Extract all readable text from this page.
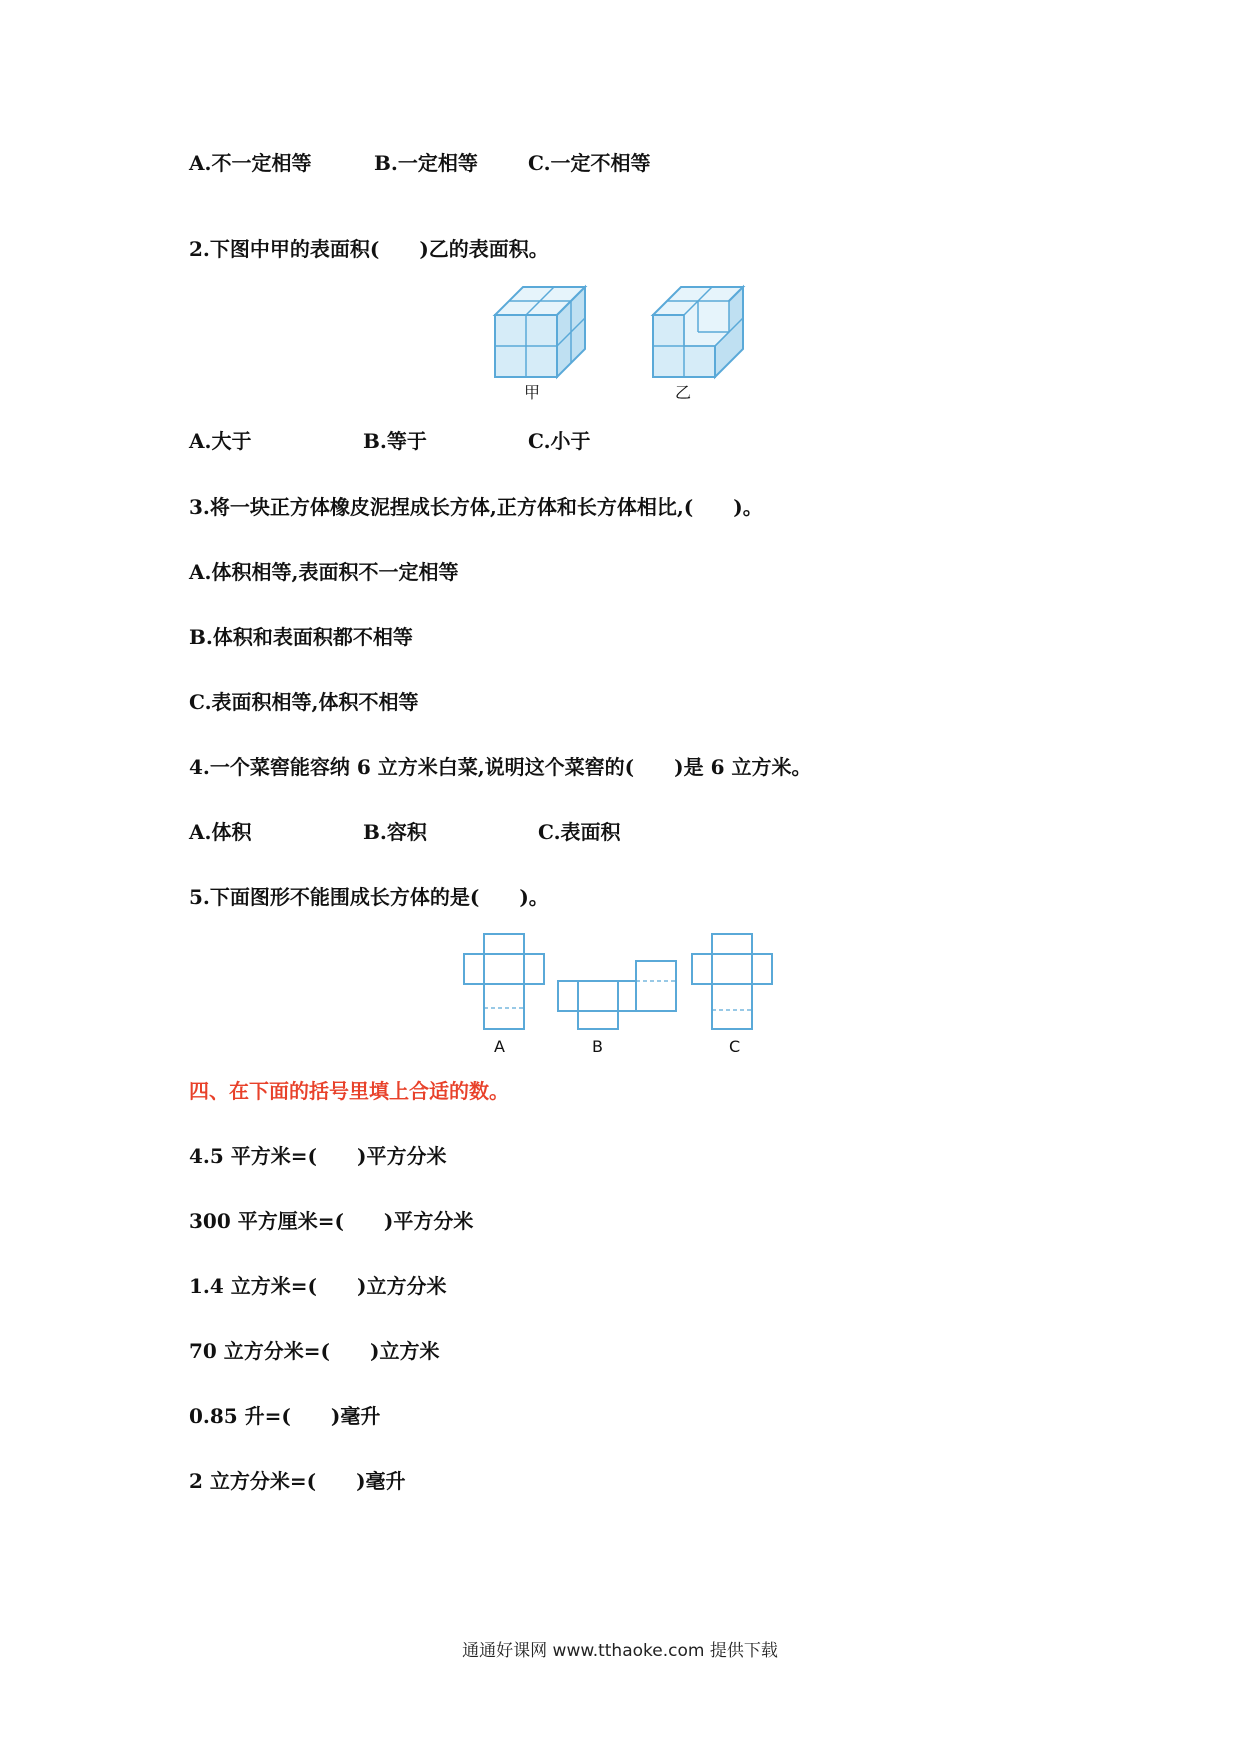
A.不一定相等	B.一定相等	C.一定不相等
2.下图中甲的表面积(　　)乙的表面积。
甲	乙
A.大于	B.等于	C.小于
3.将一块正方体橡皮泥捏成长方体,正方体和长方体相比,(　　)。
A.体积相等,表面积不一定相等
B.体积和表面积都不相等
C.表面积相等,体积不相等
4.一个菜窖能容纳 6 立方米白菜,说明这个菜窖的(　　)是 6 立方米。
A.体积	B.容积	C.表面积
5.下面图形不能围成长方体的是(　　)。
A	B	C
四、在下面的括号里填上合适的数。
4.5 平方米=(　　)平方分米
300 平方厘米=(　　)平方分米
1.4 立方米=(　　)立方分米
70 立方分米=(　　)立方米
0.85 升=(　　)毫升
2 立方分米=(　　)毫升
通通好课网 www.tthaoke.com 提供下载
